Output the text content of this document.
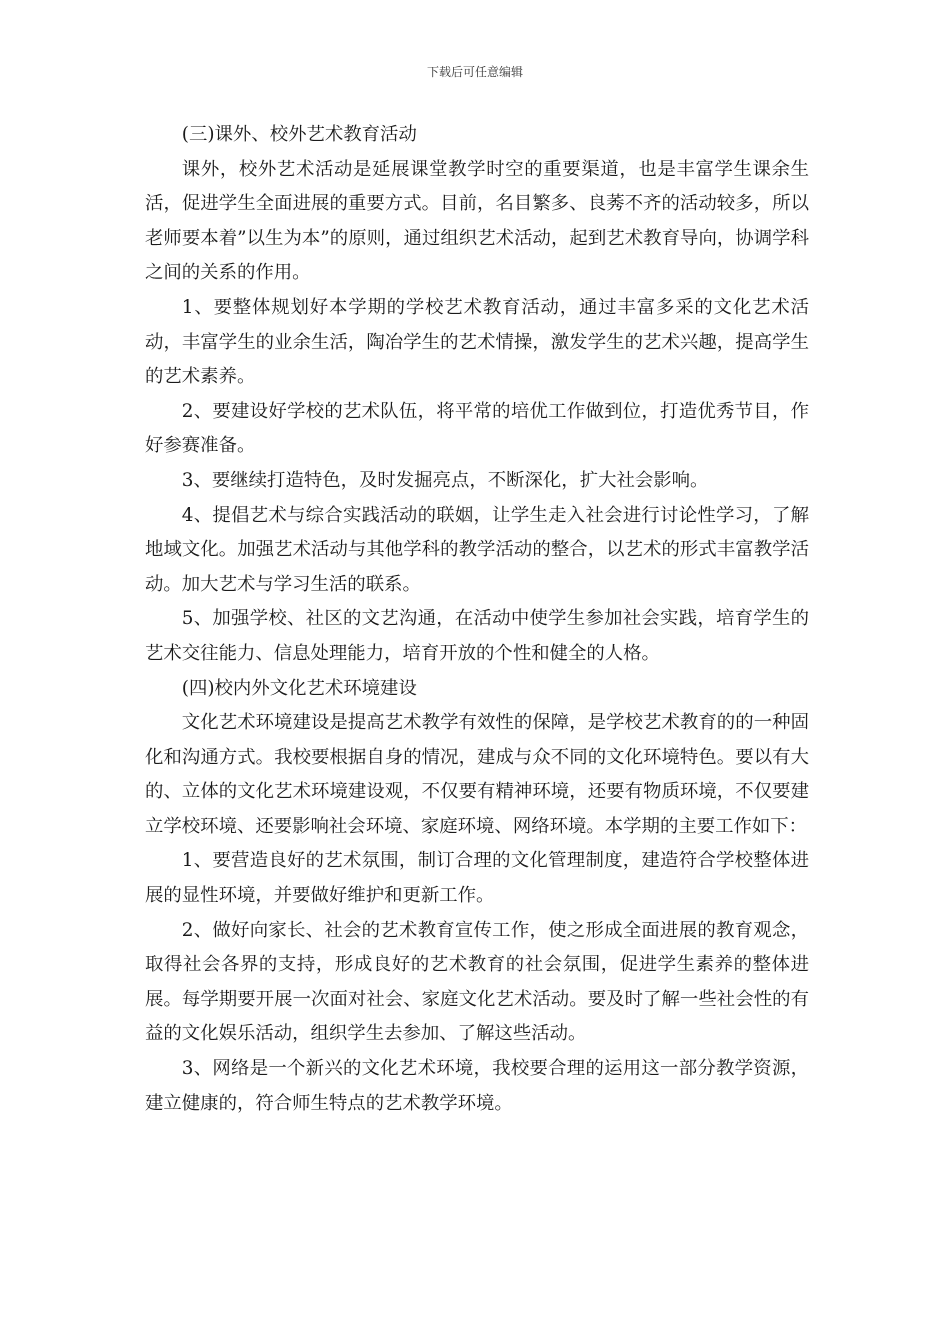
下载后可任意编辑

(三)课外、校外艺术教育活动

课外，校外艺术活动是延展课堂教学时空的重要渠道，也是丰富学生课余生活，促进学生全面进展的重要方式。目前，名目繁多、良莠不齐的活动较多，所以老师要本着”以生为本”的原则，通过组织艺术活动，起到艺术教育导向，协调学科之间的关系的作用。

1、要整体规划好本学期的学校艺术教育活动，通过丰富多采的文化艺术活动，丰富学生的业余生活，陶冶学生的艺术情操，激发学生的艺术兴趣，提高学生的艺术素养。

2、要建设好学校的艺术队伍，将平常的培优工作做到位，打造优秀节目，作好参赛准备。

3、要继续打造特色，及时发掘亮点，不断深化，扩大社会影响。

4、提倡艺术与综合实践活动的联姻，让学生走入社会进行讨论性学习，了解地域文化。加强艺术活动与其他学科的教学活动的整合，以艺术的形式丰富教学活动。加大艺术与学习生活的联系。

5、加强学校、社区的文艺沟通，在活动中使学生参加社会实践，培育学生的艺术交往能力、信息处理能力，培育开放的个性和健全的人格。

(四)校内外文化艺术环境建设

文化艺术环境建设是提高艺术教学有效性的保障，是学校艺术教育的的一种固化和沟通方式。我校要根据自身的情况，建成与众不同的文化环境特色。要以有大的、立体的文化艺术环境建设观，不仅要有精神环境，还要有物质环境，不仅要建立学校环境、还要影响社会环境、家庭环境、网络环境。本学期的主要工作如下：

1、要营造良好的艺术氛围，制订合理的文化管理制度，建造符合学校整体进展的显性环境，并要做好维护和更新工作。

2、做好向家长、社会的艺术教育宣传工作，使之形成全面进展的教育观念，取得社会各界的支持，形成良好的艺术教育的社会氛围，促进学生素养的整体进展。每学期要开展一次面对社会、家庭文化艺术活动。要及时了解一些社会性的有益的文化娱乐活动，组织学生去参加、了解这些活动。

3、网络是一个新兴的文化艺术环境，我校要合理的运用这一部分教学资源，建立健康的，符合师生特点的艺术教学环境。
